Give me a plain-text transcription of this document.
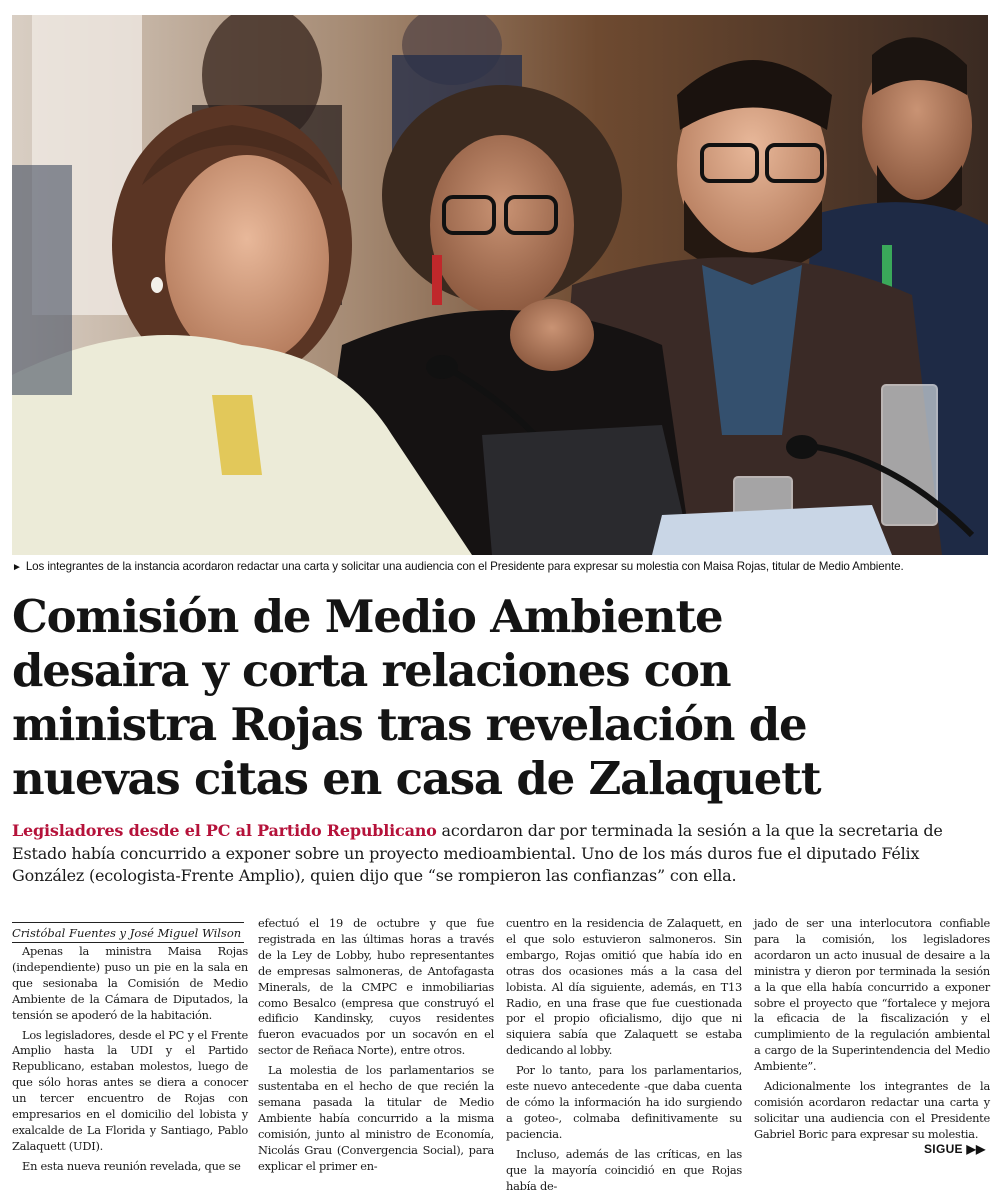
► Los integrantes de la instancia acordaron redactar una carta y solicitar una audiencia con el Presidente para expresar su molestia con Maisa Rojas, titular de Medio Ambiente.
Comisión de Medio Ambiente
desaira y corta relaciones con
ministra Rojas tras revelación de
nuevas citas en casa de Zalaquett

Legisladores desde el PC al Partido Republicano acordaron dar por terminada la sesión a la que la secretaria de Estado había concurrido a exponer sobre un proyecto medioambiental. Uno de los más duros fue el diputado Félix González (ecologista-Frente Amplio), quien dijo que “se rompieron las confianzas” con ella.

Cristóbal Fuentes y José Miguel Wilson

Apenas la ministra Maisa Rojas (independiente) puso un pie en la sala en que sesionaba la Comisión de Medio Ambiente de la Cámara de Diputados, la tensión se apoderó de la habitación.

Los legisladores, desde el PC y el Frente Amplio hasta la UDI y el Partido Republicano, estaban molestos, luego de que sólo horas antes se diera a conocer un tercer encuentro de Rojas con empresarios en el domicilio del lobista y exalcalde de La Florida y Santiago, Pablo Zalaquett (UDI).

En esta nueva reunión revelada, que se

efectuó el 19 de octubre y que fue registrada en las últimas horas a través de la Ley de Lobby, hubo representantes de empresas salmoneras, de Antofagasta Minerals, de la CMPC e inmobiliarias como Besalco (empresa que construyó el edificio Kandinsky, cuyos residentes fueron evacuados por un socavón en el sector de Reñaca Norte), entre otros.

La molestia de los parlamentarios se sustentaba en el hecho de que recién la semana pasada la titular de Medio Ambiente había concurrido a la misma comisión, junto al ministro de Economía, Nicolás Grau (Convergencia Social), para explicar el primer en-

cuentro en la residencia de Zalaquett, en el que solo estuvieron salmoneros. Sin embargo, Rojas omitió que había ido en otras dos ocasiones más a la casa del lobista. Al día siguiente, además, en T13 Radio, en una frase que fue cuestionada por el propio oficialismo, dijo que ni siquiera sabía que Zalaquett se estaba dedicando al lobby.

Por lo tanto, para los parlamentarios, este nuevo antecedente -que daba cuenta de cómo la información ha ido surgiendo a goteo-, colmaba definitivamente su paciencia.

Incluso, además de las críticas, en las que la mayoría coincidió en que Rojas había de-

jado de ser una interlocutora confiable para la comisión, los legisladores acordaron un acto inusual de desaire a la ministra y dieron por terminada la sesión a la que ella había concurrido a exponer sobre el proyecto que “fortalece y mejora la eficacia de la fiscalización y el cumplimiento de la regulación ambiental a cargo de la Superintendencia del Medio Ambiente”.

Adicionalmente los integrantes de la comisión acordaron redactar una carta y solicitar una audiencia con el Presidente Gabriel Boric para expresar su molestia.

SIGUE ▶▶
